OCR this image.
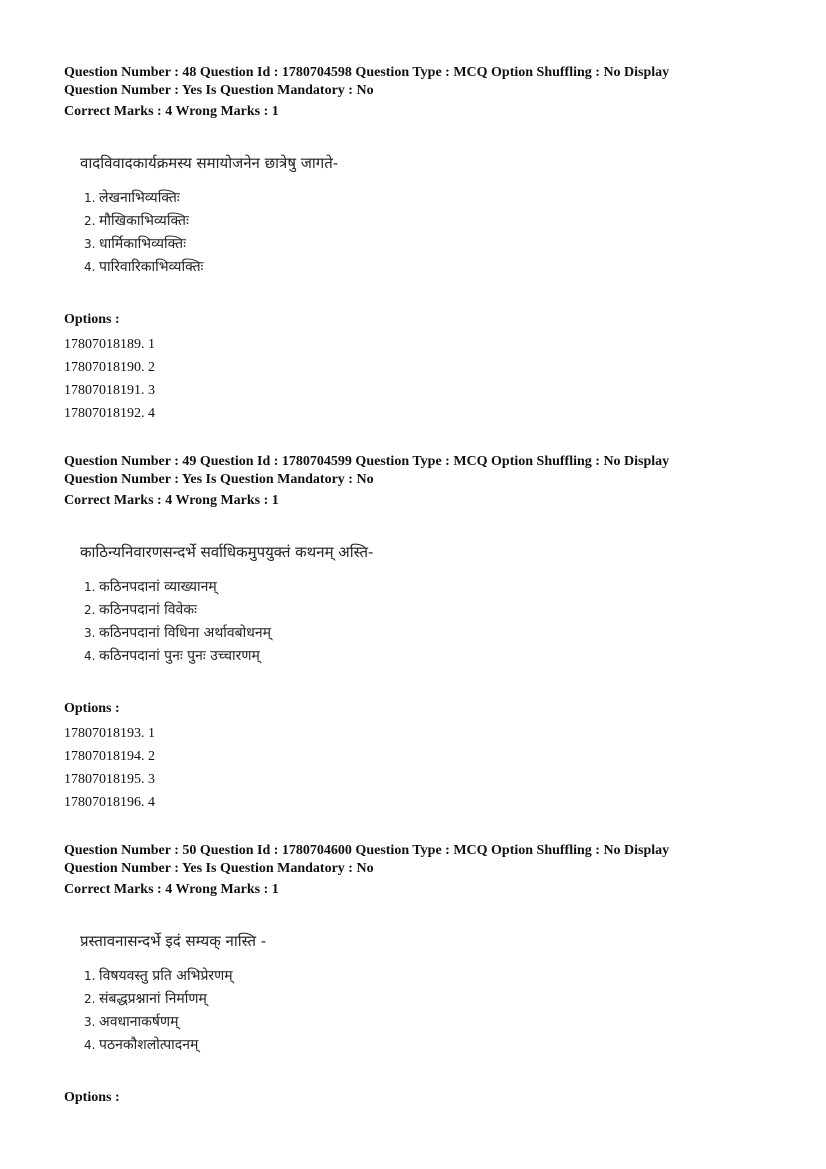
Question Number : 48 Question Id : 1780704598 Question Type : MCQ Option Shuffling : No Display
Question Number : Yes Is Question Mandatory : No
Correct Marks : 4 Wrong Marks : 1
वादविवादकार्यक्रमस्य समायोजनेन छात्रेषु जागते-
1. लेखनाभिव्यक्तिः
2. मौखिकाभिव्यक्तिः
3. धार्मिकाभिव्यक्तिः
4. पारिवारिकाभिव्यक्तिः
Options :
17807018189. 1
17807018190. 2
17807018191. 3
17807018192. 4
Question Number : 49 Question Id : 1780704599 Question Type : MCQ Option Shuffling : No Display
Question Number : Yes Is Question Mandatory : No
Correct Marks : 4 Wrong Marks : 1
काठिन्यनिवारणसन्दर्भे सर्वाधिकमुपयुक्तं कथनम् अस्ति-
1. कठिनपदानां व्याख्यानम्
2. कठिनपदानां विवेकः
3. कठिनपदानां विधिना अर्थावबोधनम्
4. कठिनपदानां पुनः पुनः उच्चारणम्
Options :
17807018193. 1
17807018194. 2
17807018195. 3
17807018196. 4
Question Number : 50 Question Id : 1780704600 Question Type : MCQ Option Shuffling : No Display
Question Number : Yes Is Question Mandatory : No
Correct Marks : 4 Wrong Marks : 1
प्रस्तावनासन्दर्भे इदं सम्यक् नास्ति -
1. विषयवस्तु प्रति अभिप्रेरणम्
2. संबद्धप्रश्नानां निर्माणम्
3. अवधानाकर्षणम्
4. पठनकौशलोत्पादनम्
Options :
